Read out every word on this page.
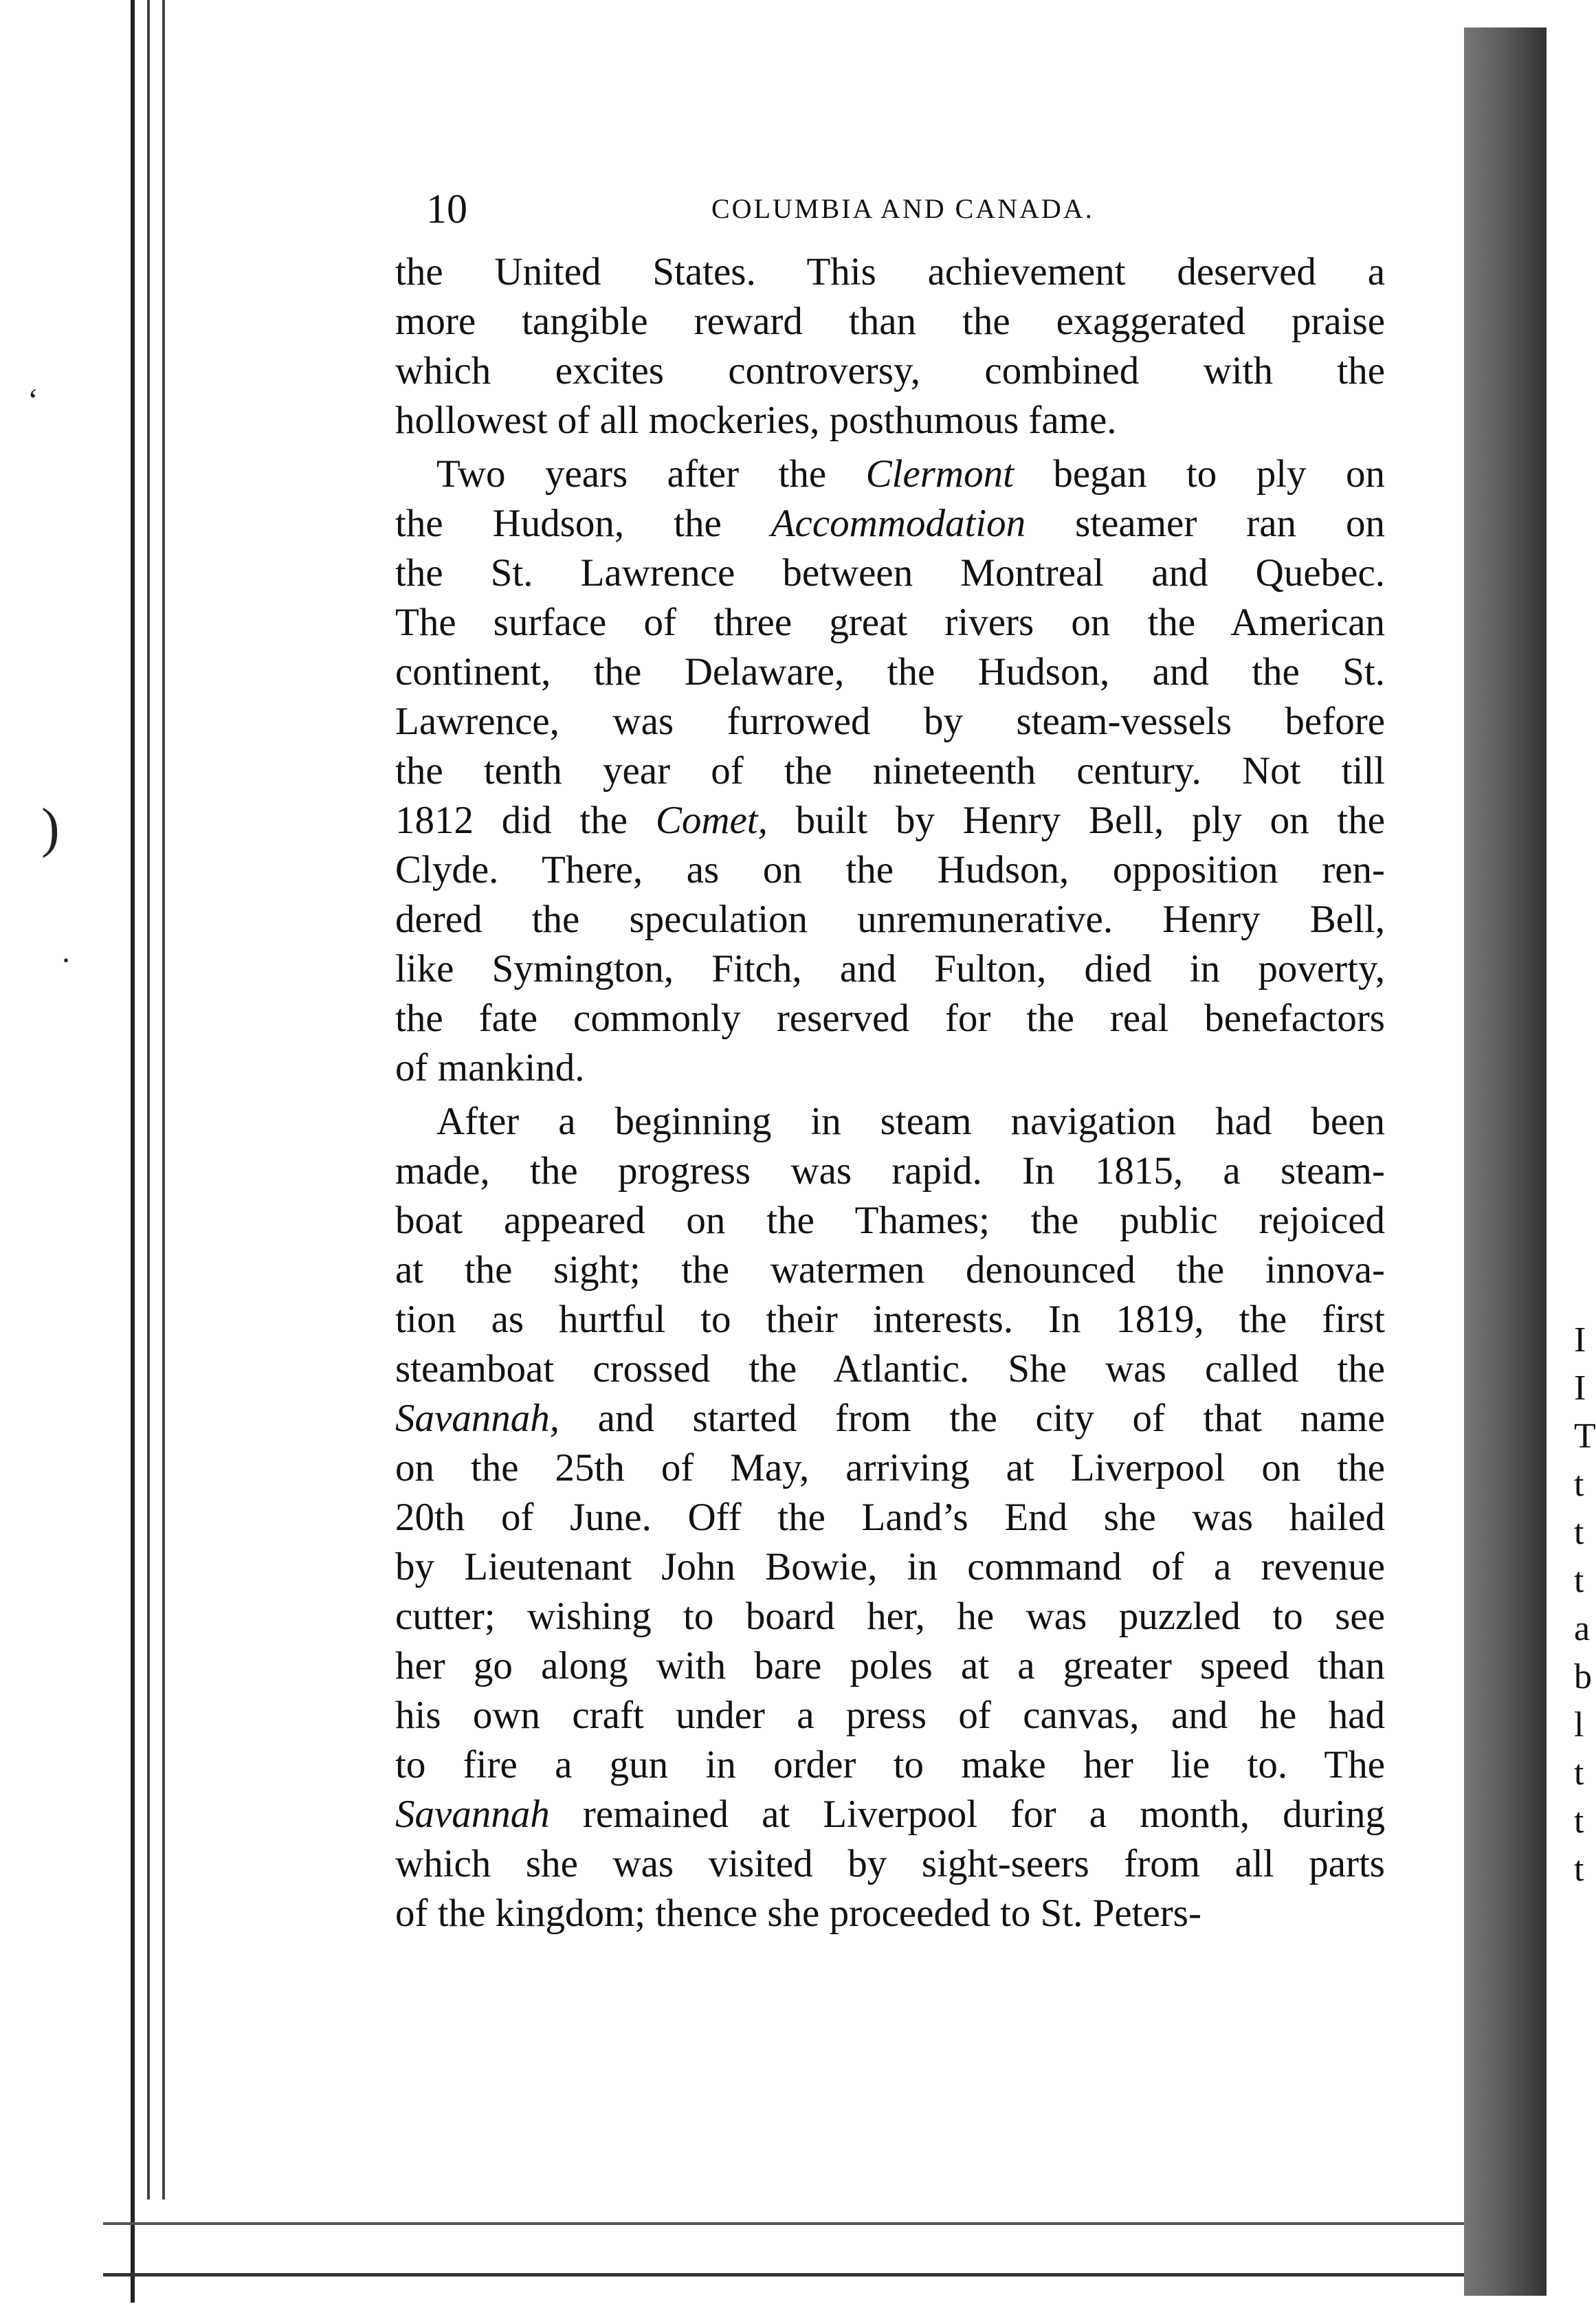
I
I
T
t
t
t
a
b
l
t
t
t
‘
)
·
10	COLUMBIA AND CANADA.

the United States. This achievement deserved a
more tangible reward than the exaggerated praise
which excites controversy, combined with the
hollowest of all mockeries, posthumous fame.

Two years after the Clermont began to ply on
the Hudson, the Accommodation steamer ran on
the St. Lawrence between Montreal and Quebec.
The surface of three great rivers on the American
continent, the Delaware, the Hudson, and the St.
Lawrence, was furrowed by steam-vessels before
the tenth year of the nineteenth century. Not till
1812 did the Comet, built by Henry Bell, ply on the
Clyde. There, as on the Hudson, opposition ren-
dered the speculation unremunerative. Henry Bell,
like Symington, Fitch, and Fulton, died in poverty,
the fate commonly reserved for the real benefactors
of mankind.

After a beginning in steam navigation had been
made, the progress was rapid. In 1815, a steam-
boat appeared on the Thames; the public rejoiced
at the sight; the watermen denounced the innova-
tion as hurtful to their interests. In 1819, the first
steamboat crossed the Atlantic. She was called the
Savannah, and started from the city of that name
on the 25th of May, arriving at Liverpool on the
20th of June. Off the Land’s End she was hailed
by Lieutenant John Bowie, in command of a revenue
cutter; wishing to board her, he was puzzled to see
her go along with bare poles at a greater speed than
his own craft under a press of canvas, and he had
to fire a gun in order to make her lie to. The
Savannah remained at Liverpool for a month, during
which she was visited by sight-seers from all parts
of the kingdom; thence she proceeded to St. Peters-
